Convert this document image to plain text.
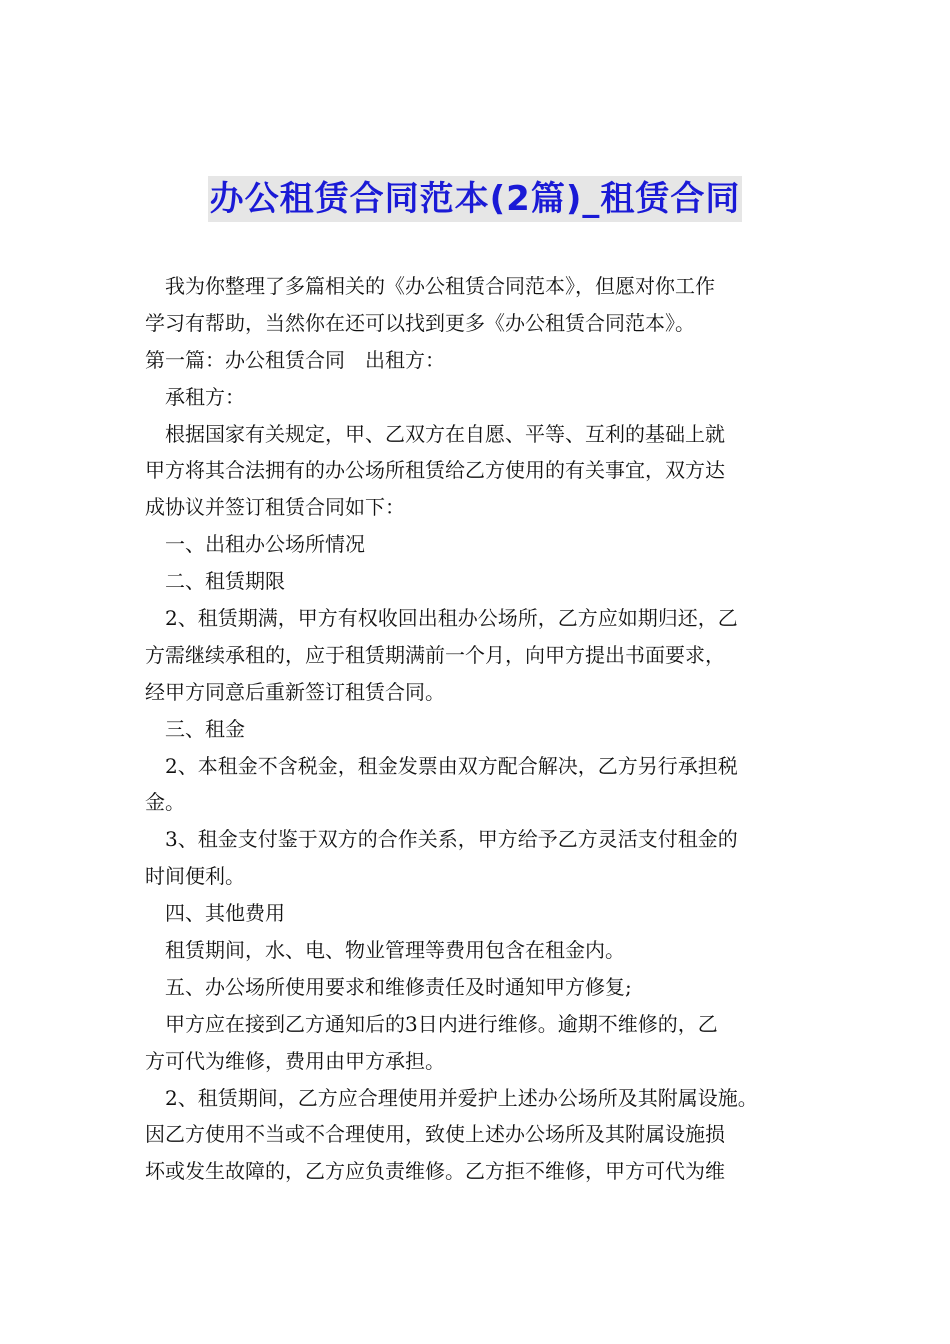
办公租赁合同范本(2篇)_租赁合同
我为你整理了多篇相关的《办公租赁合同范本》，但愿对你工作
学习有帮助，当然你在还可以找到更多《办公租赁合同范本》。
第一篇：办公租赁合同　出租方：
承租方：
根据国家有关规定，甲、乙双方在自愿、平等、互利的基础上就
甲方将其合法拥有的办公场所租赁给乙方使用的有关事宜，双方达
成协议并签订租赁合同如下：
一、出租办公场所情况
二、租赁期限
2、租赁期满，甲方有权收回出租办公场所，乙方应如期归还，乙
方需继续承租的，应于租赁期满前一个月，向甲方提出书面要求，
经甲方同意后重新签订租赁合同。
三、租金
2、本租金不含税金，租金发票由双方配合解决，乙方另行承担税
金。
3、租金支付鉴于双方的合作关系，甲方给予乙方灵活支付租金的
时间便利。
四、其他费用
租赁期间，水、电、物业管理等费用包含在租金内。
五、办公场所使用要求和维修责任及时通知甲方修复;
甲方应在接到乙方通知后的3日内进行维修。逾期不维修的，乙
方可代为维修，费用由甲方承担。
2、租赁期间，乙方应合理使用并爱护上述办公场所及其附属设施。
因乙方使用不当或不合理使用，致使上述办公场所及其附属设施损
坏或发生故障的，乙方应负责维修。乙方拒不维修，甲方可代为维
